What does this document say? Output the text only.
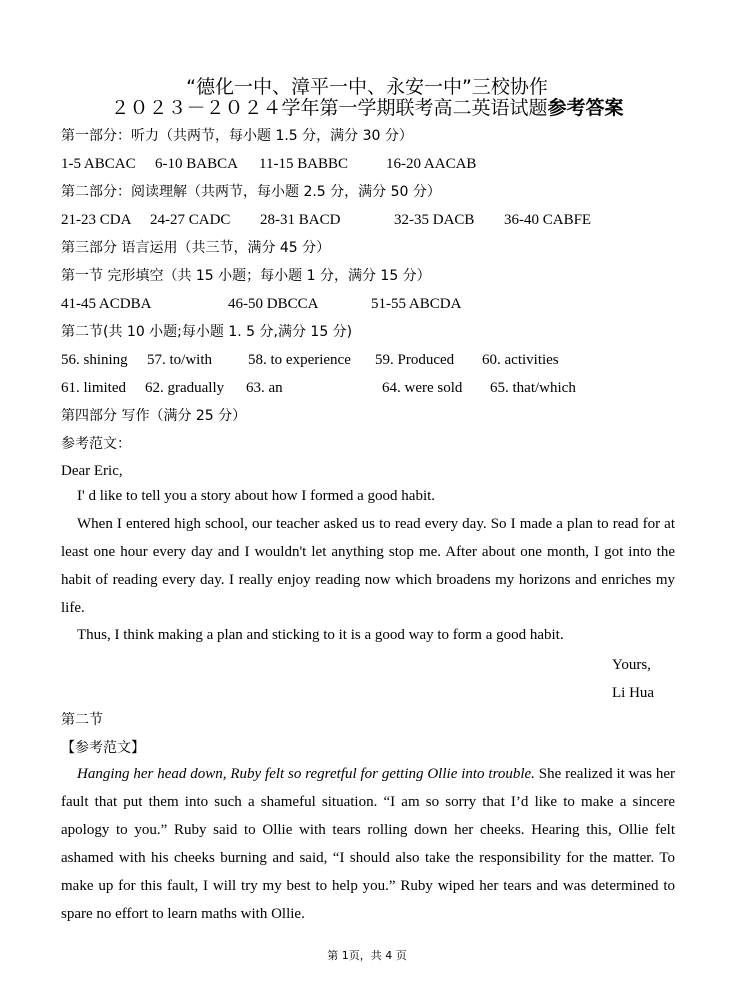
“德化一中、漳平一中、永安一中”三校协作
２０２３－２０２４学年第一学期联考高二英语试题参考答案
第一部分：听力（共两节，每小题 1.5 分，满分 30 分）
1-5 ABCAC 6-10 BABCA 11-15 BABBC	16-20 AACAB
第二部分：阅读理解（共两节，每小题 2.5 分，满分 50 分）
21-23 CDA 24-27 CADC 28-31 BACD	32-35 DACB 36-40 CABFE
第三部分 语言运用（共三节，满分 45 分）
第一节 完形填空（共 15 小题；每小题 1 分，满分 15 分）
41-45 ACDBA	46-50 DBCCA	51-55 ABCDA
第二节(共 10 小题;每小题 1. 5 分,满分 15 分)
56. shining 57. to/with 58. to experience 59. Produced 60. activities
61. limited 62. gradually 63. an	64. were sold 65. that/which
第四部分 写作（满分 25 分）
参考范文：
Dear Eric,
I' d like to tell you a story about how I formed a good habit.
When I entered high school, our teacher asked us to read every day. So I made a plan to read for at least one hour every day and I wouldn't let anything stop me. After about one month, I got into the habit of reading every day. I really enjoy reading now which broadens my horizons and enriches my life.
Thus, I think making a plan and sticking to it is a good way to form a good habit.
Yours,
Li Hua
第二节
【参考范文】
Hanging her head down, Ruby felt so regretful for getting Ollie into trouble. She realized it was her fault that put them into such a shameful situation. “I am so sorry that I’d like to make a sincere apology to you.” Ruby said to Ollie with tears rolling down her cheeks. Hearing this, Ollie felt ashamed with his cheeks burning and said, “I should also take the responsibility for the matter. To make up for this fault, I will try my best to help you.” Ruby wiped her tears and was determined to spare no effort to learn maths with Ollie.
第 1页，共 4 页
